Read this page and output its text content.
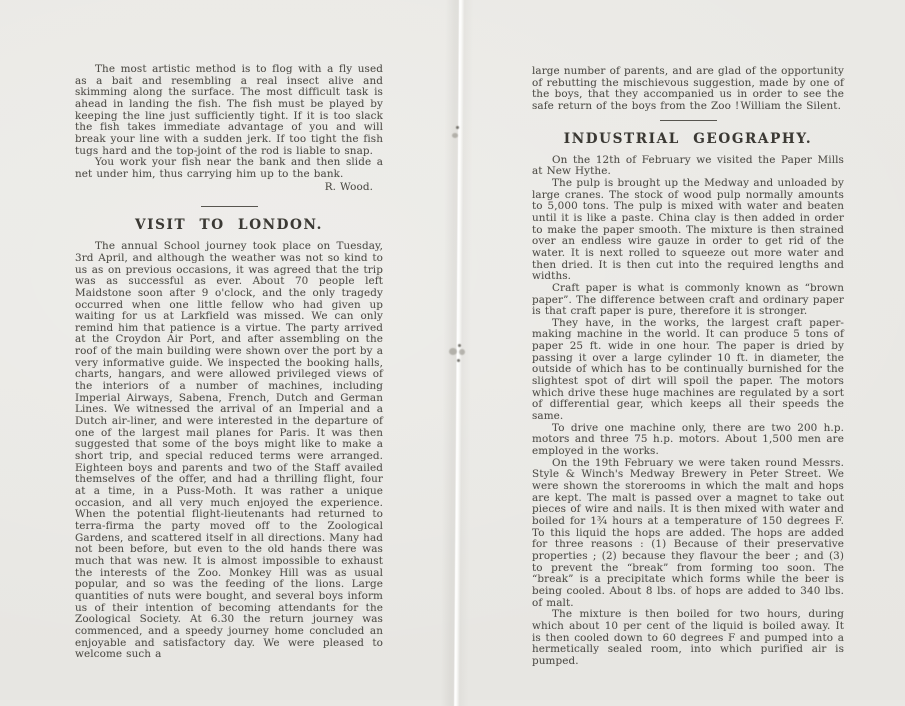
The most artistic method is to flog with a fly used as a bait and resembling a real insect alive and skimming along the surface. The most difficult task is ahead in landing the fish. The fish must be played by keeping the line just sufficiently tight. If it is too slack the fish takes immediate advantage of you and will break your line with a sudden jerk. If too tight the fish tugs hard and the top-joint of the rod is liable to snap.

You work your fish near the bank and then slide a net under him, thus carrying him up to the bank.

R. Wood.
VISIT TO LONDON.

The annual School journey took place on Tuesday, 3rd April, and although the weather was not so kind to us as on previous occasions, it was agreed that the trip was as successful as ever. About 70 people left Maidstone soon after 9 o'clock, and the only tragedy occurred when one little fellow who had given up waiting for us at Larkfield was missed. We can only remind him that patience is a virtue. The party arrived at the Croydon Air Port, and after assembling on the roof of the main building were shown over the port by a very informative guide. We inspected the booking halls, charts, hangars, and were allowed privileged views of the interiors of a number of machines, including Imperial Airways, Sabena, French, Dutch and German Lines. We witnessed the arrival of an Imperial and a Dutch air-liner, and were interested in the departure of one of the largest mail planes for Paris. It was then suggested that some of the boys might like to make a short trip, and special reduced terms were arranged. Eighteen boys and parents and two of the Staff availed themselves of the offer, and had a thrilling flight, four at a time, in a Puss-Moth. It was rather a unique occasion, and all very much enjoyed the experience. When the potential flight-lieutenants had returned to terra-firma the party moved off to the Zoological Gardens, and scattered itself in all directions. Many had not been before, but even to the old hands there was much that was new. It is almost impossible to exhaust the interests of the Zoo. Monkey Hill was as usual popular, and so was the feeding of the lions. Large quantities of nuts were bought, and several boys inform us of their intention of becoming attendants for the Zoological Society. At 6.30 the return journey was commenced, and a speedy journey home concluded an enjoyable and satisfactory day. We were pleased to welcome such a

large number of parents, and are glad of the opportunity of rebutting the mischievous suggestion, made by one of the boys, that they accompanied us in order to see the safe return of the boys from the Zoo ! William the Silent.
INDUSTRIAL GEOGRAPHY.

On the 12th of February we visited the Paper Mills at New Hythe.

The pulp is brought up the Medway and unloaded by large cranes. The stock of wood pulp normally amounts to 5,000 tons. The pulp is mixed with water and beaten until it is like a paste. China clay is then added in order to make the paper smooth. The mixture is then strained over an endless wire gauze in order to get rid of the water. It is next rolled to squeeze out more water and then dried. It is then cut into the required lengths and widths.

Craft paper is what is commonly known as “brown paper”. The difference between craft and ordinary paper is that craft paper is pure, therefore it is stronger.

They have, in the works, the largest craft paper-making machine in the world. It can produce 5 tons of paper 25 ft. wide in one hour. The paper is dried by passing it over a large cylinder 10 ft. in diameter, the outside of which has to be continually burnished for the slightest spot of dirt will spoil the paper. The motors which drive these huge machines are regulated by a sort of differential gear, which keeps all their speeds the same.

To drive one machine only, there are two 200 h.p. motors and three 75 h.p. motors. About 1,500 men are employed in the works.

On the 19th February we were taken round Messrs. Style & Winch's Medway Brewery in Peter Street. We were shown the storerooms in which the malt and hops are kept. The malt is passed over a magnet to take out pieces of wire and nails. It is then mixed with water and boiled for 1¾ hours at a temperature of 150 degrees F. To this liquid the hops are added. The hops are added for three reasons : (1) Because of their preservative properties ; (2) because they flavour the beer ; and (3) to prevent the “break” from forming too soon. The “break” is a precipitate which forms while the beer is being cooled. About 8 lbs. of hops are added to 340 lbs. of malt.

The mixture is then boiled for two hours, during which about 10 per cent of the liquid is boiled away. It is then cooled down to 60 degrees F and pumped into a hermetically sealed room, into which purified air is pumped.
